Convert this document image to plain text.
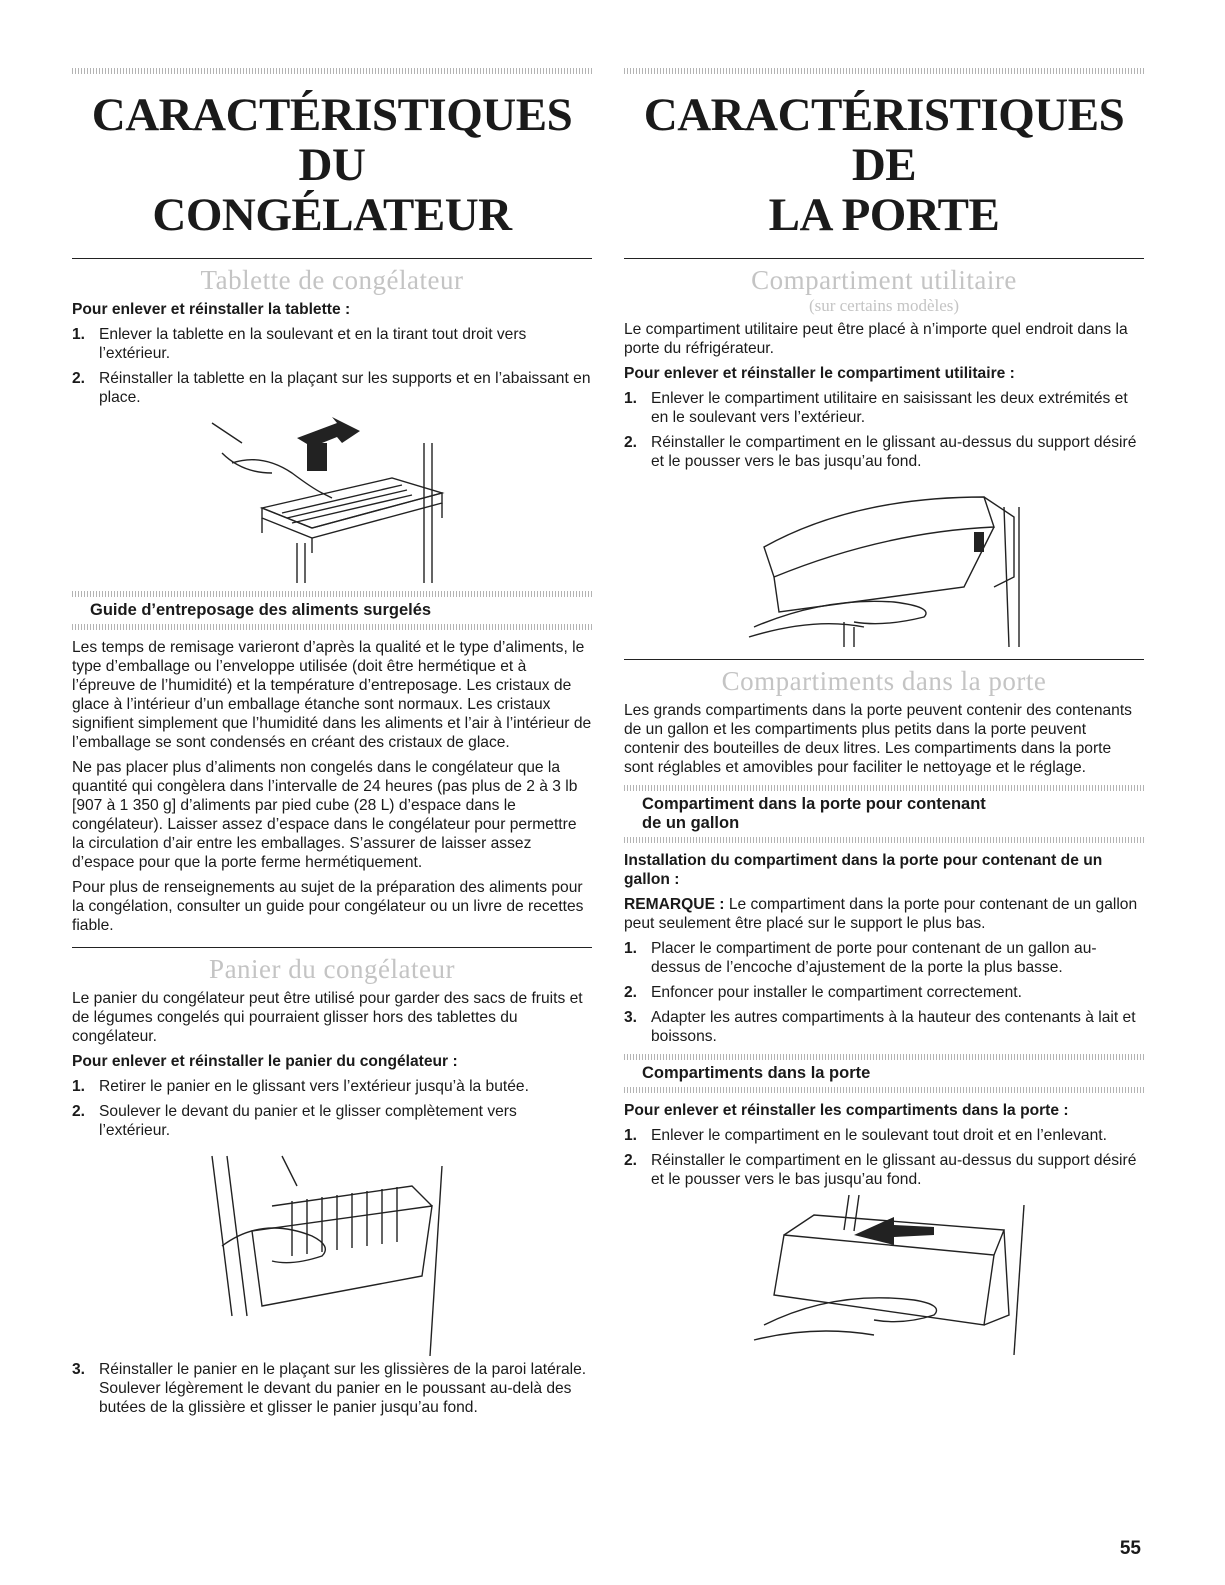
CARACTÉRISTIQUES DU
CONGÉLATEUR
Tablette de congélateur

Pour enlever et réinstaller la tablette :

1. Enlever la tablette en la soulevant et en la tirant tout droit vers l’extérieur.
2. Réinstaller la tablette en la plaçant sur les supports et en l’abaissant en place.
Guide d’entreposage des aliments surgelés

Les temps de remisage varieront d’après la qualité et le type d’aliments, le type d’emballage ou l’enveloppe utilisée (doit être hermétique et à l’épreuve de l’humidité) et la température d’entreposage. Les cristaux de glace à l’intérieur d’un emballage étanche sont normaux. Les cristaux signifient simplement que l’humidité dans les aliments et l’air à l’intérieur de l’emballage se sont condensés en créant des cristaux de glace.

Ne pas placer plus d’aliments non congelés dans le congélateur que la quantité qui congèlera dans l’intervalle de 24 heures (pas plus de 2 à 3 lb [907 à 1 350 g] d’aliments par pied cube (28 L) d’espace dans le congélateur). Laisser assez d’espace dans le congélateur pour permettre la circulation d’air entre les emballages. S’assurer de laisser assez d’espace pour que la porte ferme hermétiquement.

Pour plus de renseignements au sujet de la préparation des aliments pour la congélation, consulter un guide pour congélateur ou un livre de recettes fiable.

Panier du congélateur

Le panier du congélateur peut être utilisé pour garder des sacs de fruits et de légumes congelés qui pourraient glisser hors des tablettes du congélateur.

Pour enlever et réinstaller le panier du congélateur :

1. Retirer le panier en le glissant vers l’extérieur jusqu’à la butée.
2. Soulever le devant du panier et le glisser complètement vers l’extérieur.
3. Réinstaller le panier en le plaçant sur les glissières de la paroi latérale. Soulever légèrement le devant du panier en le poussant au-delà des butées de la glissière et glisser le panier jusqu’au fond.
CARACTÉRISTIQUES DE
LA PORTE
Compartiment utilitaire
(sur certains modèles)

Le compartiment utilitaire peut être placé à n’importe quel endroit dans la porte du réfrigérateur.

Pour enlever et réinstaller le compartiment utilitaire :

1. Enlever le compartiment utilitaire en saisissant les deux extrémités et en le soulevant vers l’extérieur.
2. Réinstaller le compartiment en le glissant au-dessus du support désiré et le pousser vers le bas jusqu’au fond.
Compartiments dans la porte

Les grands compartiments dans la porte peuvent contenir des contenants de un gallon et les compartiments plus petits dans la porte peuvent contenir des bouteilles de deux litres. Les compartiments dans la porte sont réglables et amovibles pour faciliter le nettoyage et le réglage.

Compartiment dans la porte pour contenant
de un gallon

Installation du compartiment dans la porte pour contenant de un gallon :

REMARQUE : Le compartiment dans la porte pour contenant de un gallon peut seulement être placé sur le support le plus bas.

1. Placer le compartiment de porte pour contenant de un gallon au-dessus de l’encoche d’ajustement de la porte la plus basse.
2. Enfoncer pour installer le compartiment correctement.
3. Adapter les autres compartiments à la hauteur des contenants à lait et boissons.
Compartiments dans la porte

Pour enlever et réinstaller les compartiments dans la porte :

1. Enlever le compartiment en le soulevant tout droit et en l’enlevant.
2. Réinstaller le compartiment en le glissant au-dessus du support désiré et le pousser vers le bas jusqu’au fond.
55
